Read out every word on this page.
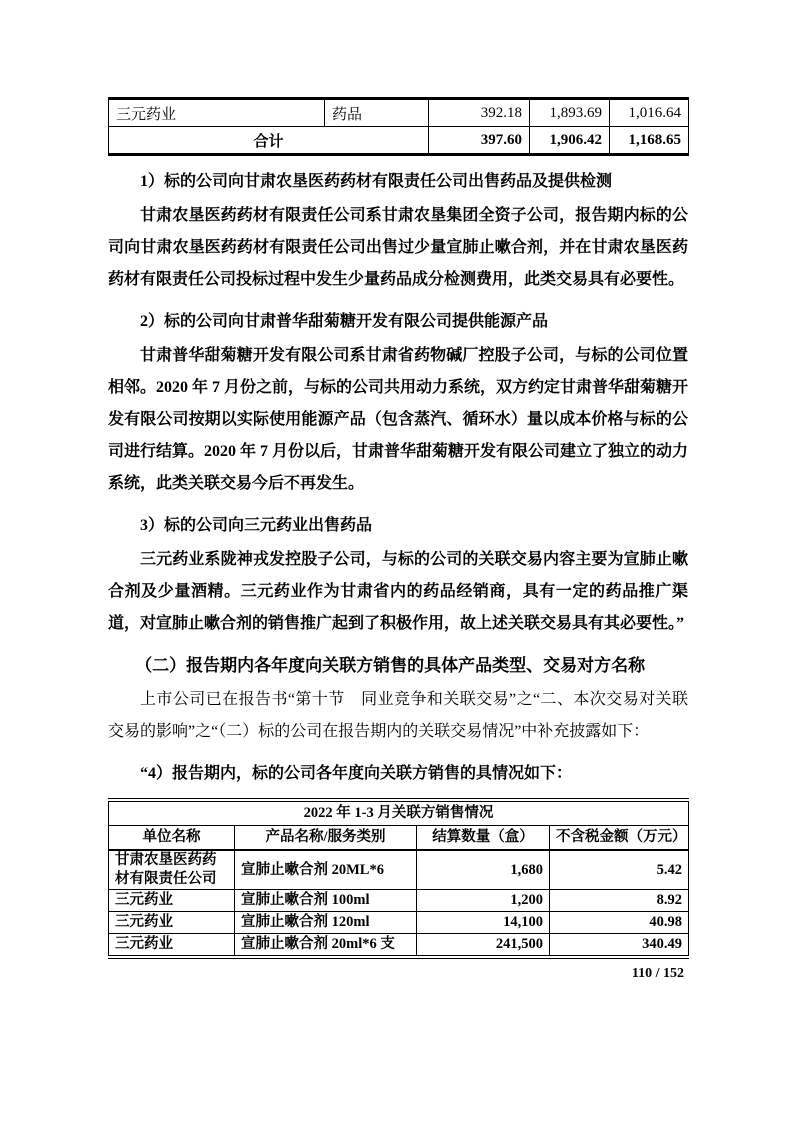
三元药业	药品	392.18	1,893.69	1,016.64
合计		397.60	1,906.42	1,168.65
1）标的公司向甘肃农垦医药药材有限责任公司出售药品及提供检测
甘肃农垦医药药材有限责任公司系甘肃农垦集团全资子公司，报告期内标的公司向甘肃农垦医药药材有限责任公司出售过少量宣肺止嗽合剂，并在甘肃农垦医药药材有限责任公司投标过程中发生少量药品成分检测费用，此类交易具有必要性。
2）标的公司向甘肃普华甜菊糖开发有限公司提供能源产品
甘肃普华甜菊糖开发有限公司系甘肃省药物碱厂控股子公司，与标的公司位置相邻。2020 年 7 月份之前，与标的公司共用动力系统，双方约定甘肃普华甜菊糖开发有限公司按期以实际使用能源产品（包含蒸汽、循环水）量以成本价格与标的公司进行结算。2020 年 7 月份以后，甘肃普华甜菊糖开发有限公司建立了独立的动力系统，此类关联交易今后不再发生。
3）标的公司向三元药业出售药品
三元药业系陇神戎发控股子公司，与标的公司的关联交易内容主要为宣肺止嗽合剂及少量酒精。三元药业作为甘肃省内的药品经销商，具有一定的药品推广渠道，对宣肺止嗽合剂的销售推广起到了积极作用，故上述关联交易具有其必要性。”
（二）报告期内各年度向关联方销售的具体产品类型、交易对方名称
上市公司已在报告书“第十节　同业竞争和关联交易”之“二、本次交易对关联交易的影响”之“（二）标的公司在报告期内的关联交易情况”中补充披露如下：
“4）报告期内，标的公司各年度向关联方销售的具情况如下：
2022 年 1-3 月关联方销售情况			
单位名称	产品名称/服务类别	结算数量（盒）	不含税金额（万元）
甘肃农垦医药药材有限责任公司	宣肺止嗽合剂 20ML*6	1,680	5.42
三元药业	宣肺止嗽合剂 100ml	1,200	8.92
三元药业	宣肺止嗽合剂 120ml	14,100	40.98
三元药业	宣肺止嗽合剂 20ml*6 支	241,500	340.49
110 / 152
